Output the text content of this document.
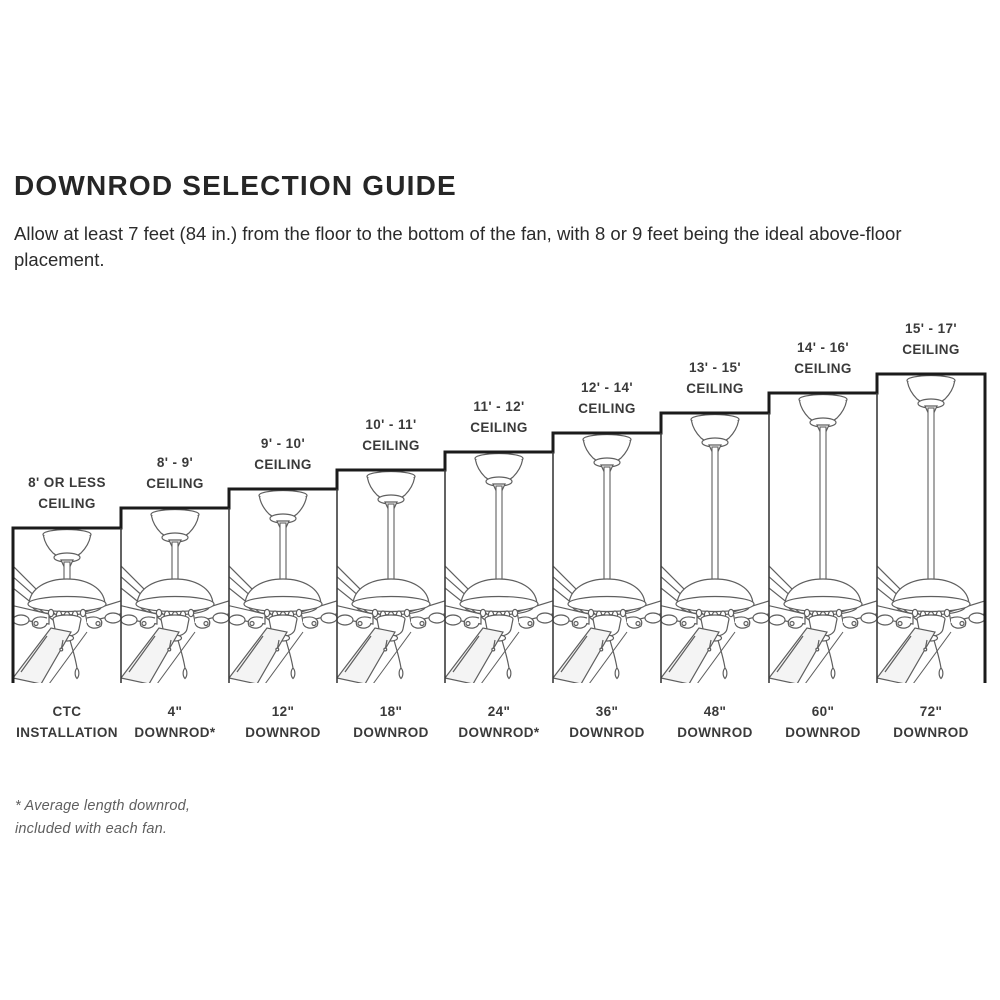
DOWNROD SELECTION GUIDE

Allow at least 7 feet (84 in.) from the floor to the bottom of the fan, with 8 or 9 feet being the ideal above-floor placement.

8' OR LESS
CEILING
CTC
INSTALLATION
8' - 9'
CEILING
4"
DOWNROD*
9' - 10'
CEILING
12"
DOWNROD
10' - 11'
CEILING
18"
DOWNROD
11' - 12'
CEILING
24"
DOWNROD*
12' - 14'
CEILING
36"
DOWNROD
13' - 15'
CEILING
48"
DOWNROD
14' - 16'
CEILING
60"
DOWNROD
15' - 17'
CEILING
72"
DOWNROD

* Average length downrod,
included with each fan.
